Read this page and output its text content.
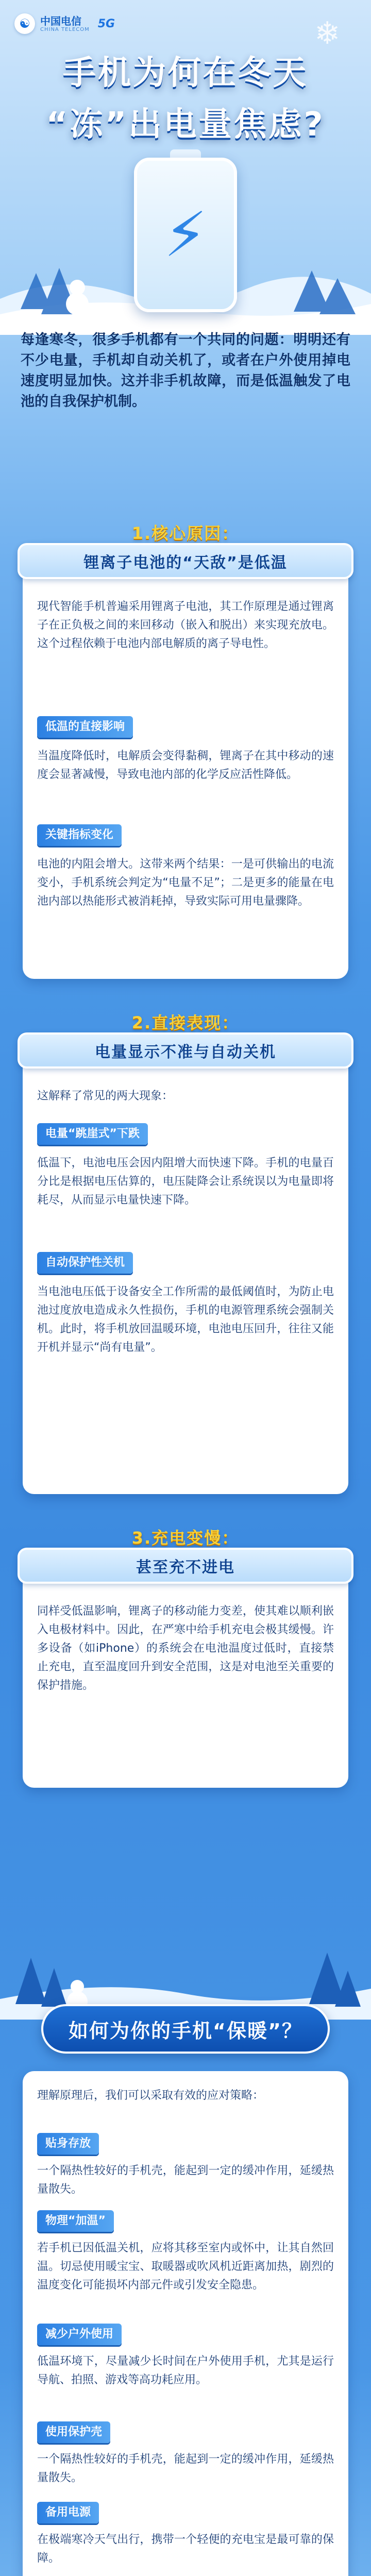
☯ 中国电信
CHINA TELECOM 5G	❄
手机为何在冬天
“冻”出电量焦虑?
⚡
每逢寒冬，很多手机都有一个共同的问题：明明还有不少电量，手机却自动关机了，或者在户外使用掉电速度明显加快。这并非手机故障，而是低温触发了电池的自我保护机制。
1.核心原因：
锂离子电池的“天敌”是低温
现代智能手机普遍采用锂离子电池，其工作原理是通过锂离子在正负极之间的来回移动（嵌入和脱出）来实现充放电。这个过程依赖于电池内部电解质的离子导电性。
低温的直接影响
当温度降低时，电解质会变得黏稠，锂离子在其中移动的速度会显著减慢，导致电池内部的化学反应活性降低。
关键指标变化
电池的内阻会增大。这带来两个结果：一是可供输出的电流变小，手机系统会判定为“电量不足”；二是更多的能量在电池内部以热能形式被消耗掉，导致实际可用电量骤降。
2.直接表现：
电量显示不准与自动关机
这解释了常见的两大现象：
电量“跳崖式”下跌
低温下，电池电压会因内阻增大而快速下降。手机的电量百分比是根据电压估算的，电压陡降会让系统误以为电量即将耗尽，从而显示电量快速下降。
自动保护性关机
当电池电压低于设备安全工作所需的最低阈值时，为防止电池过度放电造成永久性损伤，手机的电源管理系统会强制关机。此时，将手机放回温暖环境，电池电压回升，往往又能开机并显示“尚有电量”。
3.充电变慢：
甚至充不进电
同样受低温影响，锂离子的移动能力变差，使其难以顺利嵌入电极材料中。因此，在严寒中给手机充电会极其缓慢。许多设备（如iPhone）的系统会在电池温度过低时，直接禁止充电，直至温度回升到安全范围，这是对电池至关重要的保护措施。
如何为你的手机“保暖”？
理解原理后，我们可以采取有效的应对策略：
贴身存放
一个隔热性较好的手机壳，能起到一定的缓冲作用，延缓热量散失。
物理“加温”
若手机已因低温关机，应将其移至室内或怀中，让其自然回温。切忌使用暖宝宝、取暖器或吹风机近距离加热，剧烈的温度变化可能损坏内部元件或引发安全隐患。
减少户外使用
低温环境下，尽量减少长时间在户外使用手机，尤其是运行导航、拍照、游戏等高功耗应用。
使用保护壳
一个隔热性较好的手机壳，能起到一定的缓冲作用，延缓热量散失。
备用电源
在极端寒冷天气出行，携带一个轻便的充电宝是最可靠的保障。
